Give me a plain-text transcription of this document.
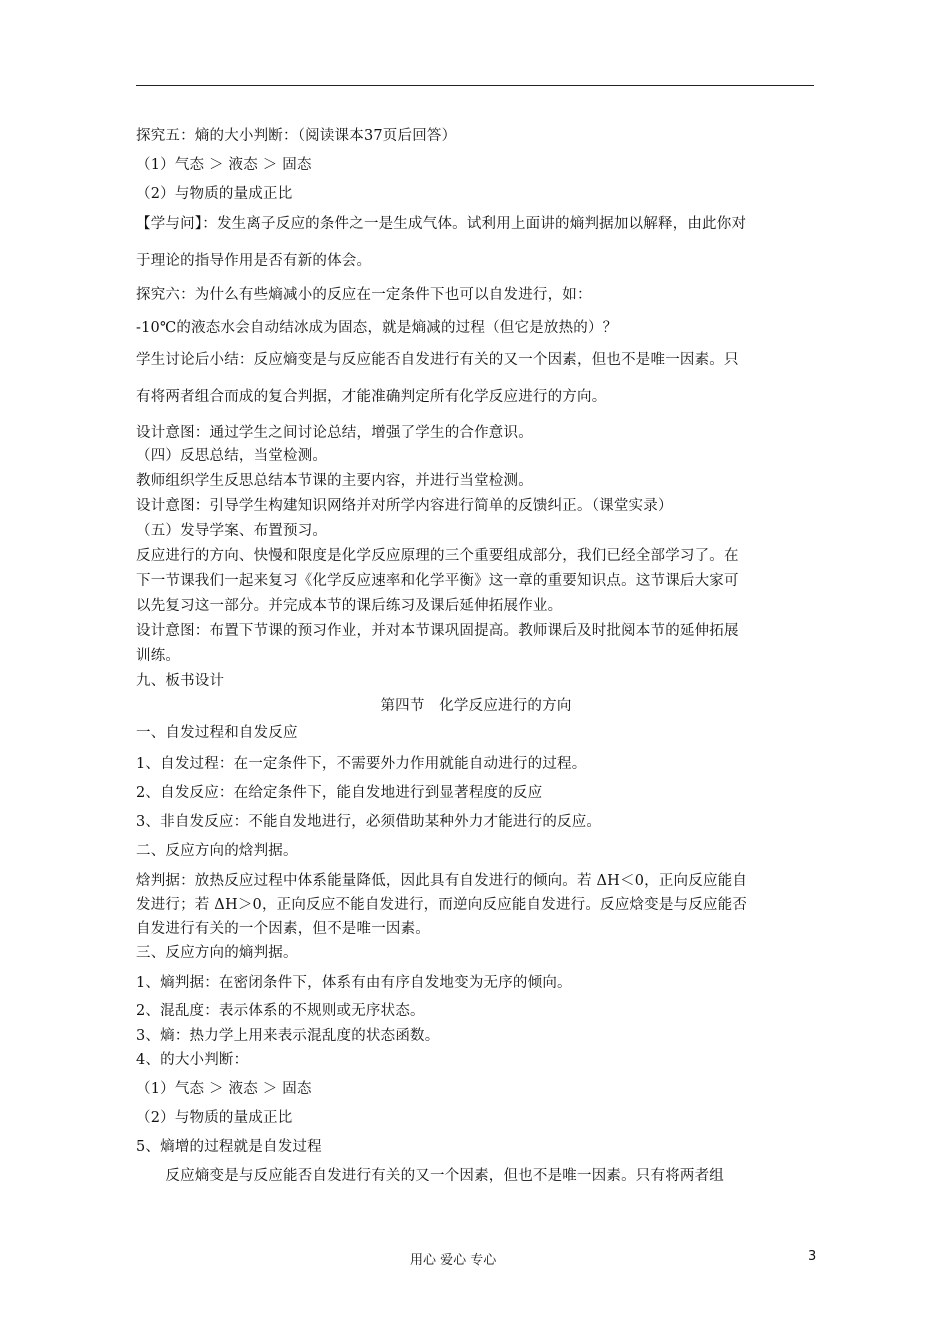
探究五：熵的大小判断：（阅读课本37页后回答）
（1）气态 ＞ 液态 ＞ 固态
（2）与物质的量成正比
【学与问】：发生离子反应的条件之一是生成气体。试利用上面讲的熵判据加以解释，由此你对
于理论的指导作用是否有新的体会。
探究六：为什么有些熵减小的反应在一定条件下也可以自发进行，如：
-10℃的液态水会自动结冰成为固态，就是熵减的过程（但它是放热的）？
学生讨论后小结：反应熵变是与反应能否自发进行有关的又一个因素，但也不是唯一因素。只
有将两者组合而成的复合判据，才能准确判定所有化学反应进行的方向。
设计意图：通过学生之间讨论总结，增强了学生的合作意识。
（四）反思总结，当堂检测。
教师组织学生反思总结本节课的主要内容，并进行当堂检测。
设计意图：引导学生构建知识网络并对所学内容进行简单的反馈纠正。（课堂实录）
（五）发导学案、布置预习。
反应进行的方向、快慢和限度是化学反应原理的三个重要组成部分，我们已经全部学习了。在
下一节课我们一起来复习《化学反应速率和化学平衡》这一章的重要知识点。这节课后大家可
以先复习这一部分。并完成本节的课后练习及课后延伸拓展作业。
设计意图：布置下节课的预习作业，并对本节课巩固提高。教师课后及时批阅本节的延伸拓展
训练。
九、板书设计
第四节　化学反应进行的方向
一、自发过程和自发反应
1、自发过程：在一定条件下，不需要外力作用就能自动进行的过程。
2、自发反应：在给定条件下，能自发地进行到显著程度的反应
3、非自发反应：不能自发地进行，必须借助某种外力才能进行的反应。
二、反应方向的焓判据。
焓判据：放热反应过程中体系能量降低，因此具有自发进行的倾向。若 ΔH＜0，正向反应能自
发进行；若 ΔH＞0，正向反应不能自发进行，而逆向反应能自发进行。反应焓变是与反应能否
自发进行有关的一个因素，但不是唯一因素。
三、反应方向的熵判据。
1、熵判据：在密闭条件下，体系有由有序自发地变为无序的倾向。
2、混乱度：表示体系的不规则或无序状态。
3、熵：热力学上用来表示混乱度的状态函数。
4、的大小判断：
（1）气态 ＞ 液态 ＞ 固态
（2）与物质的量成正比
5、熵增的过程就是自发过程
　　反应熵变是与反应能否自发进行有关的又一个因素，但也不是唯一因素。只有将两者组
用心 爱心 专心	3
